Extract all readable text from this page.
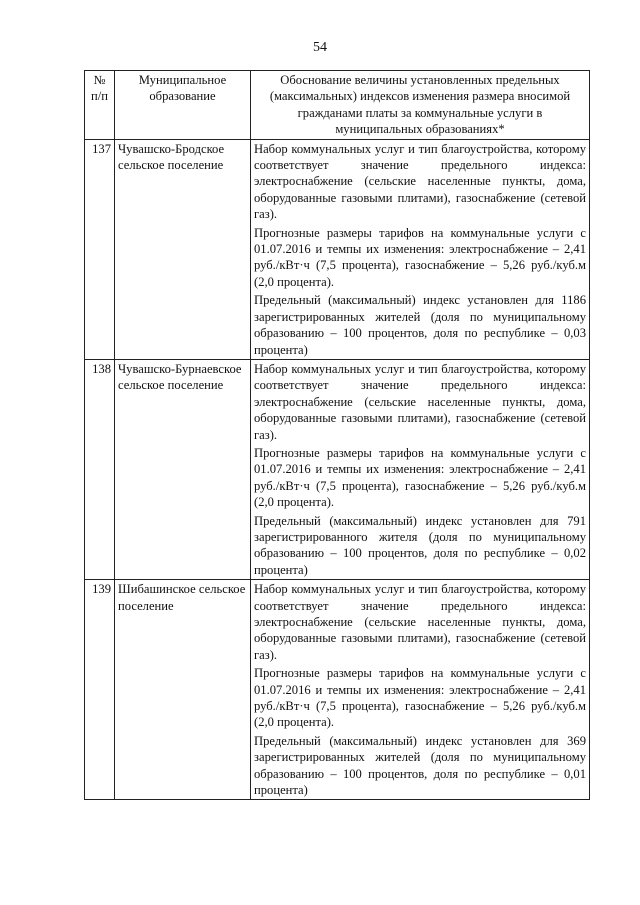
54
№
п/п	Муниципальное образование	Обоснование величины установленных предельных (максимальных) индексов изменения размера вносимой гражданами платы за коммунальные услуги в муниципальных образованиях*
137	Чувашско-Бродское сельское поселение	Набор коммунальных услуг и тип благоустройства, которому соответствует значение предельного индекса: электроснабжение (сельские населенные пункты, дома, оборудованные газовыми плитами), газоснабжение (сетевой газ).

Прогнозные размеры тарифов на коммунальные услуги с 01.07.2016 и темпы их изменения: электроснабжение – 2,41 руб./кВт·ч (7,5 процента), газоснабжение – 5,26 руб./куб.м (2,0 процента).

Предельный (максимальный) индекс установлен для 1186 зарегистрированных жителей (доля по муниципальному образованию – 100 процентов, доля по республике – 0,03 процента)

138	Чувашско-Бурнаевское сельское поселение	Набор коммунальных услуг и тип благоустройства, которому соответствует значение предельного индекса: электроснабжение (сельские населенные пункты, дома, оборудованные газовыми плитами), газоснабжение (сетевой газ).

Прогнозные размеры тарифов на коммунальные услуги с 01.07.2016 и темпы их изменения: электроснабжение – 2,41 руб./кВт·ч (7,5 процента), газоснабжение – 5,26 руб./куб.м (2,0 процента).

Предельный (максимальный) индекс установлен для 791 зарегистрированного жителя (доля по муниципальному образованию – 100 процентов, доля по республике – 0,02 процента)

139	Шибашинское сельское поселение	Набор коммунальных услуг и тип благоустройства, которому соответствует значение предельного индекса: электроснабжение (сельские населенные пункты, дома, оборудованные газовыми плитами), газоснабжение (сетевой газ).

Прогнозные размеры тарифов на коммунальные услуги с 01.07.2016 и темпы их изменения: электроснабжение – 2,41 руб./кВт·ч (7,5 процента), газоснабжение – 5,26 руб./куб.м (2,0 процента).

Предельный (максимальный) индекс установлен для 369 зарегистрированных жителей (доля по муниципальному образованию – 100 процентов, доля по республике – 0,01 процента)
